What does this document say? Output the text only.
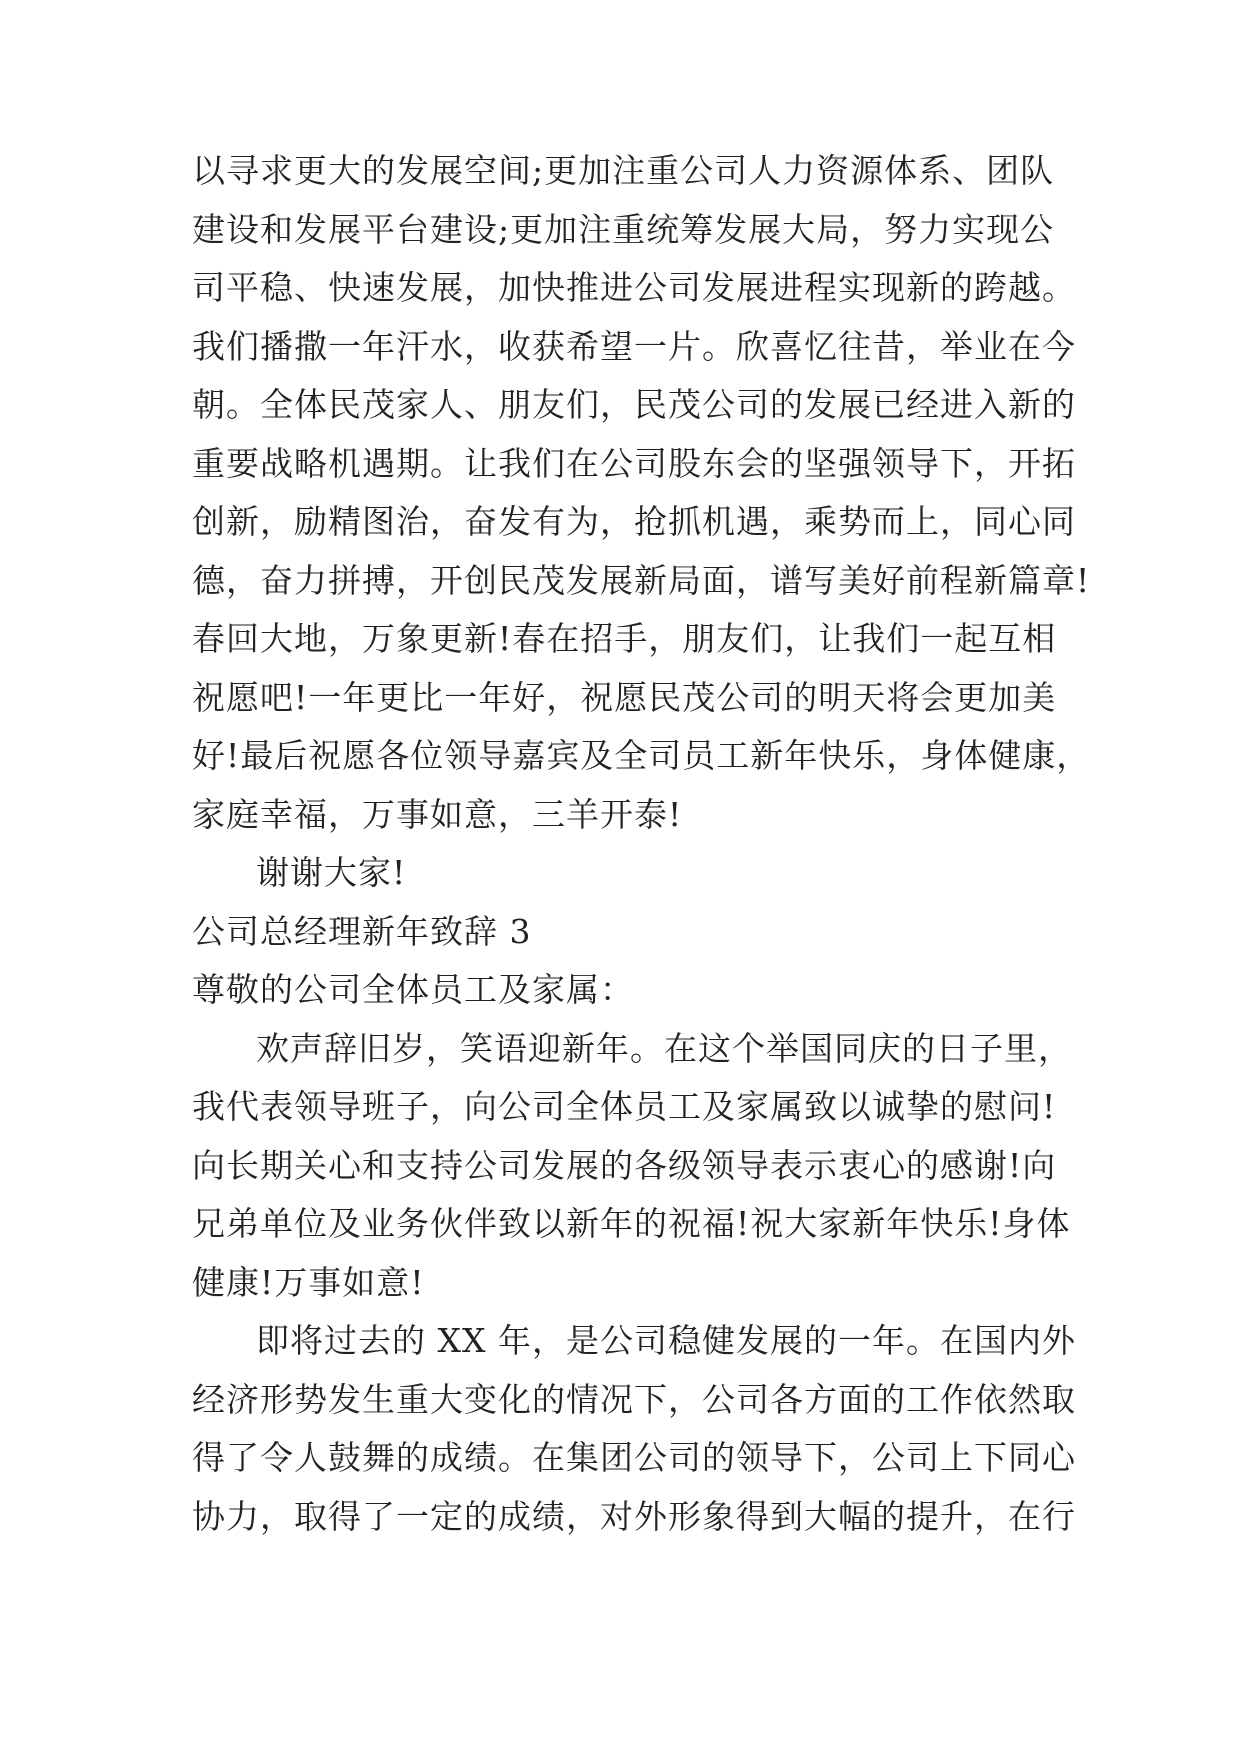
以寻求更大的发展空间;更加注重公司人力资源体系、团队
建设和发展平台建设;更加注重统筹发展大局，努力实现公
司平稳、快速发展，加快推进公司发展进程实现新的跨越。
我们播撒一年汗水，收获希望一片。欣喜忆往昔，举业在今
朝。全体民茂家人、朋友们，民茂公司的发展已经进入新的
重要战略机遇期。让我们在公司股东会的坚强领导下，开拓
创新，励精图治，奋发有为，抢抓机遇，乘势而上，同心同
德，奋力拼搏，开创民茂发展新局面，谱写美好前程新篇章!
春回大地，万象更新!春在招手，朋友们，让我们一起互相
祝愿吧!一年更比一年好，祝愿民茂公司的明天将会更加美
好!最后祝愿各位领导嘉宾及全司员工新年快乐，身体健康，
家庭幸福，万事如意，三羊开泰!
谢谢大家!
公司总经理新年致辞 3
尊敬的公司全体员工及家属：
欢声辞旧岁，笑语迎新年。在这个举国同庆的日子里，
我代表领导班子，向公司全体员工及家属致以诚挚的慰问!
向长期关心和支持公司发展的各级领导表示衷心的感谢!向
兄弟单位及业务伙伴致以新年的祝福!祝大家新年快乐!身体
健康!万事如意!
即将过去的 XX 年，是公司稳健发展的一年。在国内外
经济形势发生重大变化的情况下，公司各方面的工作依然取
得了令人鼓舞的成绩。在集团公司的领导下，公司上下同心
协力，取得了一定的成绩，对外形象得到大幅的提升，在行
